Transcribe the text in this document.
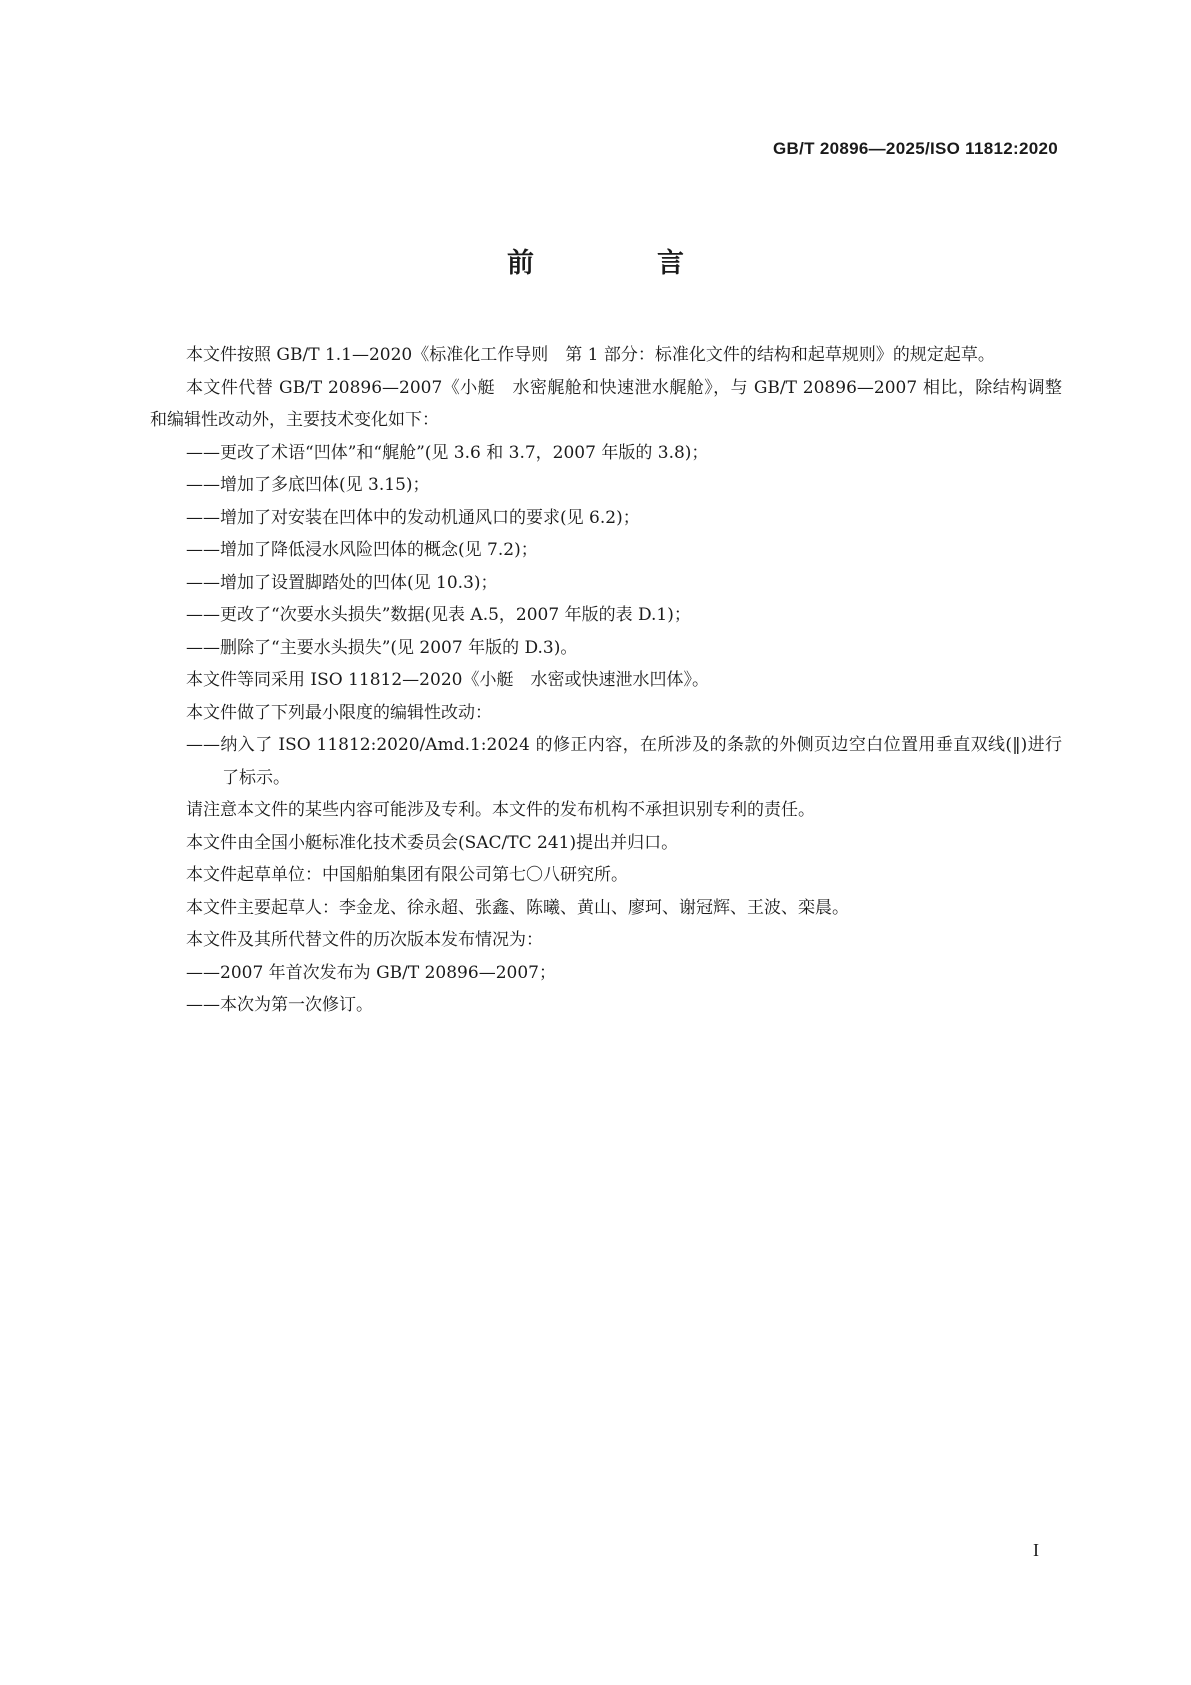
GB/T 20896—2025/ISO 11812:2020
前　言

本文件按照 GB/T 1.1—2020《标准化工作导则　第 1 部分：标准化文件的结构和起草规则》的规定起草。

本文件代替 GB/T 20896—2007《小艇　水密艉舱和快速泄水艉舱》，与 GB/T 20896—2007 相比，除结构调整和编辑性改动外，主要技术变化如下：

——更改了术语“凹体”和“艉舱”(见 3.6 和 3.7，2007 年版的 3.8)；

——增加了多底凹体(见 3.15)；

——增加了对安装在凹体中的发动机通风口的要求(见 6.2)；

——增加了降低浸水风险凹体的概念(见 7.2)；

——增加了设置脚踏处的凹体(见 10.3)；

——更改了“次要水头损失”数据(见表 A.5，2007 年版的表 D.1)；

——删除了“主要水头损失”(见 2007 年版的 D.3)。

本文件等同采用 ISO 11812—2020《小艇　水密或快速泄水凹体》。

本文件做了下列最小限度的编辑性改动：

——纳入了 ISO 11812:2020/Amd.1:2024 的修正内容，在所涉及的条款的外侧页边空白位置用垂直双线(‖)进行了标示。

请注意本文件的某些内容可能涉及专利。本文件的发布机构不承担识别专利的责任。

本文件由全国小艇标准化技术委员会(SAC/TC 241)提出并归口。

本文件起草单位：中国船舶集团有限公司第七〇八研究所。

本文件主要起草人：李金龙、徐永超、张鑫、陈曦、黄山、廖珂、谢冠辉、王波、栾晨。

本文件及其所代替文件的历次版本发布情况为：

——2007 年首次发布为 GB/T 20896—2007；

——本次为第一次修订。

I
